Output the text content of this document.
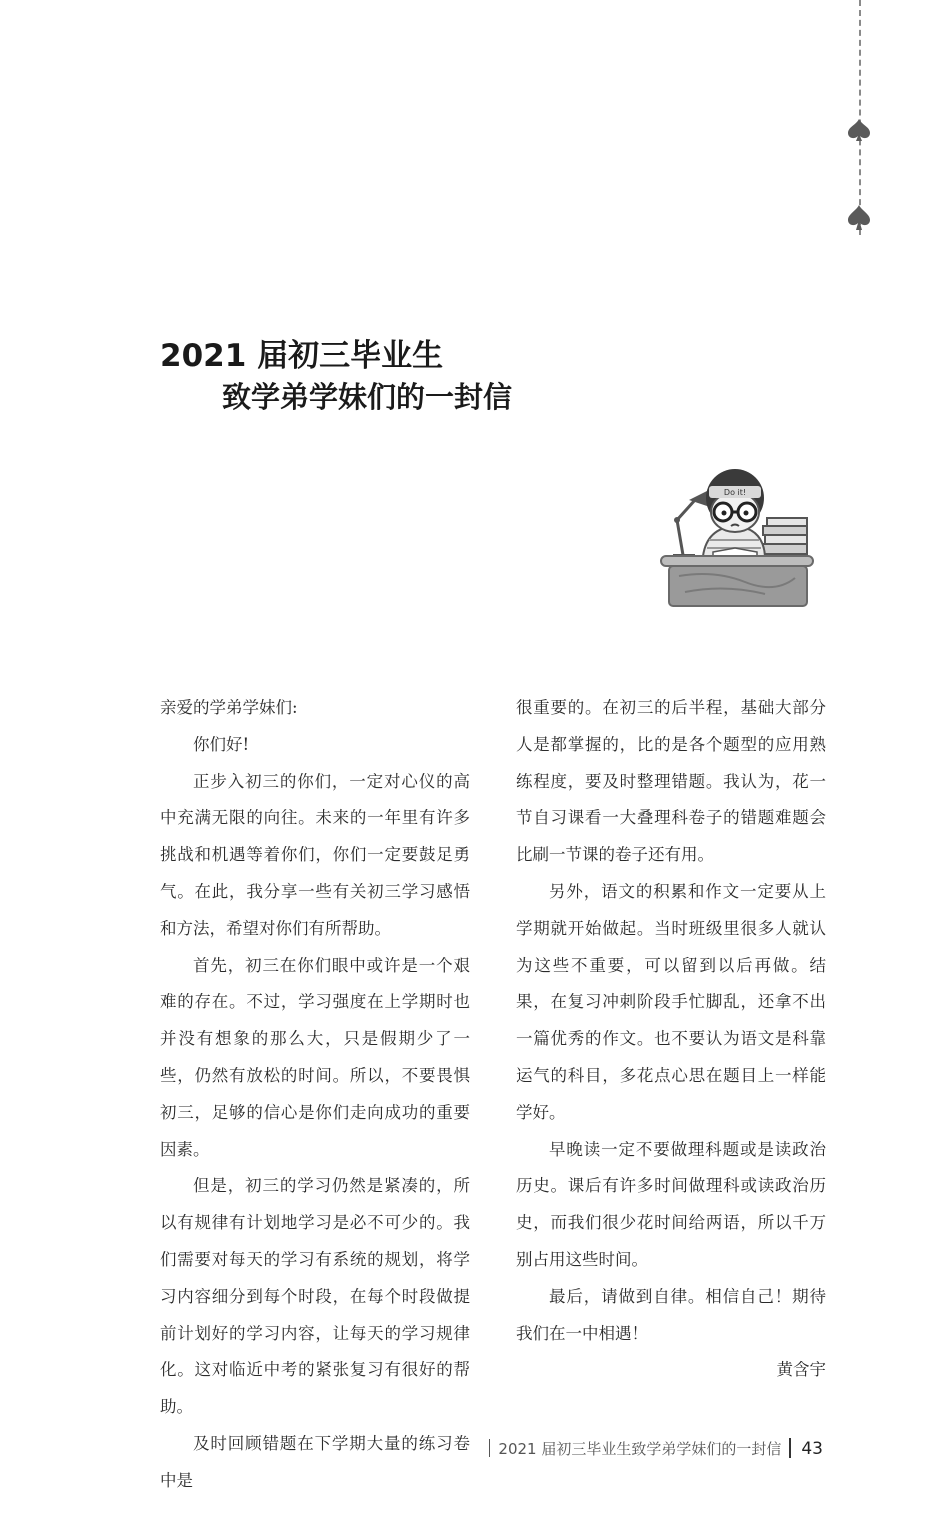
2021 届初三毕业生
致学弟学妹们的一封信
Do it!

亲爱的学弟学妹们:

你们好!

正步入初三的你们，一定对心仪的高中充满无限的向往。未来的一年里有许多挑战和机遇等着你们，你们一定要鼓足勇气。在此，我分享一些有关初三学习感悟和方法，希望对你们有所帮助。

首先，初三在你们眼中或许是一个艰难的存在。不过，学习强度在上学期时也并没有想象的那么大，只是假期少了一些，仍然有放松的时间。所以，不要畏惧初三，足够的信心是你们走向成功的重要因素。

但是，初三的学习仍然是紧凑的，所以有规律有计划地学习是必不可少的。我们需要对每天的学习有系统的规划，将学习内容细分到每个时段，在每个时段做提前计划好的学习内容，让每天的学习规律化。这对临近中考的紧张复习有很好的帮助。

及时回顾错题在下学期大量的练习卷中是

很重要的。在初三的后半程，基础大部分人是都掌握的，比的是各个题型的应用熟练程度，要及时整理错题。我认为，花一节自习课看一大叠理科卷子的错题难题会比刷一节课的卷子还有用。

另外，语文的积累和作文一定要从上学期就开始做起。当时班级里很多人就认为这些不重要，可以留到以后再做。结果，在复习冲刺阶段手忙脚乱，还拿不出一篇优秀的作文。也不要认为语文是科靠运气的科目，多花点心思在题目上一样能学好。

早晚读一定不要做理科题或是读政治历史。课后有许多时间做理科或读政治历史，而我们很少花时间给两语，所以千万别占用这些时间。

最后，请做到自律。相信自己！期待我们在一中相遇！

黄含宇

2021 届初三毕业生致学弟学妹们的一封信 43
